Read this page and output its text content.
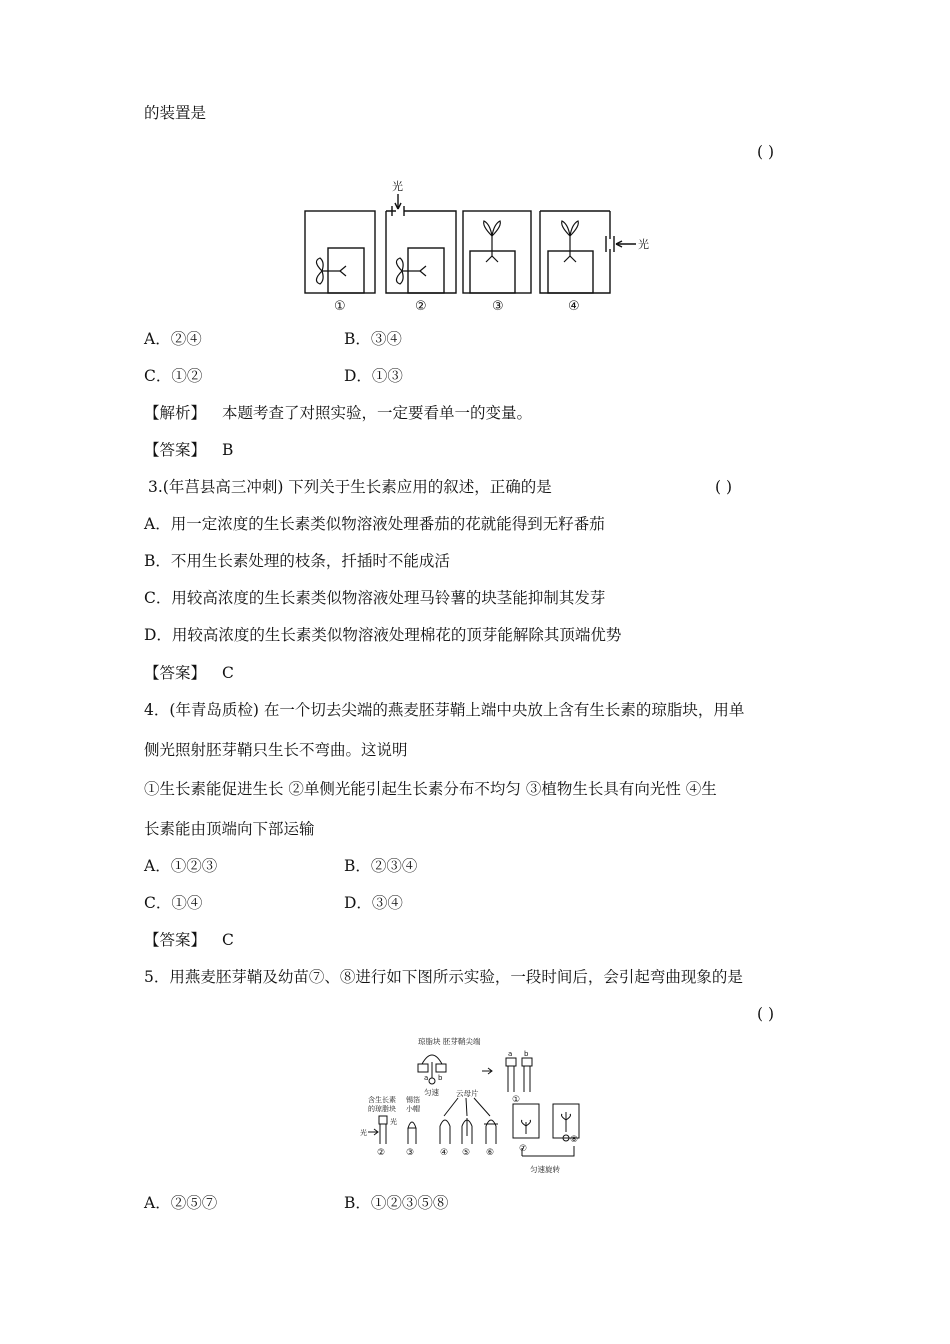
的装置是
( )
光
光
①	②	③	④
A．②④	B．③④
C．①②	D．①③
【解析】 本题考查了对照实验，一定要看单一的变量。
【答案】 B
3.(年莒县高三冲刺) 下列关于生长素应用的叙述，正确的是	( )
A．用一定浓度的生长素类似物溶液处理番茄的花就能得到无籽番茄
B．不用生长素处理的枝条，扦插时不能成活
C．用较高浓度的生长素类似物溶液处理马铃薯的块茎能抑制其发芽
D．用较高浓度的生长素类似物溶液处理棉花的顶芽能解除其顶端优势
【答案】 C
4．(年青岛质检) 在一个切去尖端的燕麦胚芽鞘上端中央放上含有生长素的琼脂块，用单
侧光照射胚芽鞘只生长不弯曲。这说明
①生长素能促进生长 ②单侧光能引起生长素分布不均匀 ③植物生长具有向光性 ④生
长素能由顶端向下部运输
A．①②③	B．②③④
C．①④	D．③④
【答案】 C
5．用燕麦胚芽鞘及幼苗⑦、⑧进行如下图所示实验，一段时间后，会引起弯曲现象的是
( )
琼脂块 胚芽鞘尖端
a b
a b
匀速
含生长素
的琼脂块
锡箔
小帽
云母片
光
光
①
② ③	④ ⑤ ⑥	⑦
⑧
匀速旋转
A．②⑤⑦	B．①②③⑤⑧
